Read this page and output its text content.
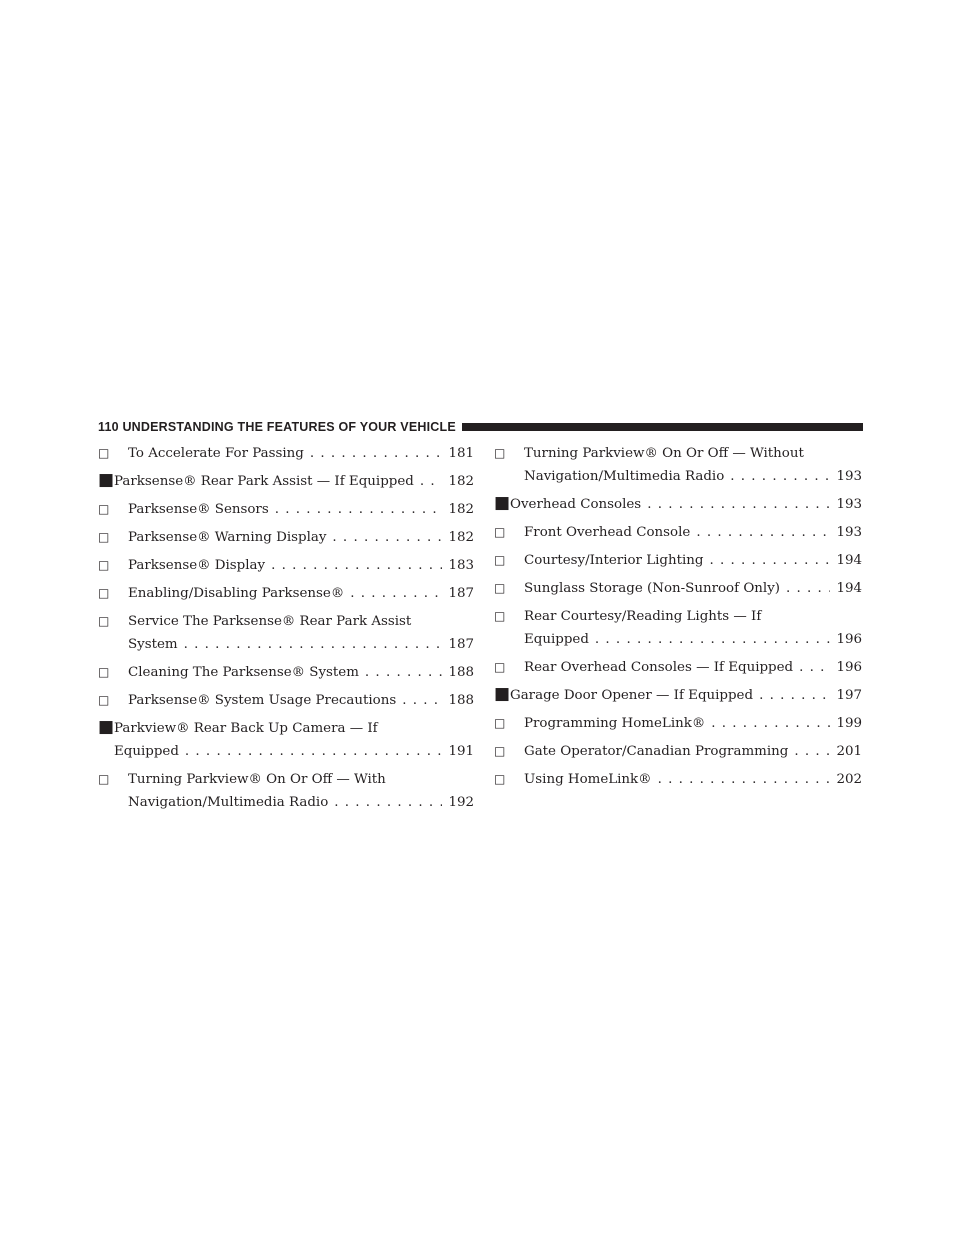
110 UNDERSTANDING THE FEATURES OF YOUR VEHICLE
□ To Accelerate For Passing . . .	181
■ Parksense® Rear Park Assist — If Equipped . . .	182
□ Parksense® Sensors . . .	182
□ Parksense® Warning Display . . .	182
□ Parksense® Display . . .	183
□ Enabling/Disabling Parksense® . . .	187
□ Service The Parksense® Rear Park Assist
System . . .	187
□ Cleaning The Parksense® System . . .	188
□ Parksense® System Usage Precautions . . .	188
■ Parkview® Rear Back Up Camera — If
Equipped . . .	191
□ Turning Parkview® On Or Off — With
Navigation/Multimedia Radio . . .	192
□ Turning Parkview® On Or Off — Without
Navigation/Multimedia Radio . . .	193
■ Overhead Consoles . . .	193
□ Front Overhead Console . . .	193
□ Courtesy/Interior Lighting . . .	194
□ Sunglass Storage (Non-Sunroof Only) . . .	194
□ Rear Courtesy/Reading Lights — If
Equipped . . .	196
□ Rear Overhead Consoles — If Equipped . . .	196
■ Garage Door Opener — If Equipped . . .	197
□ Programming HomeLink® . . .	199
□ Gate Operator/Canadian Programming . . .	201
□ Using HomeLink® . . .	202
